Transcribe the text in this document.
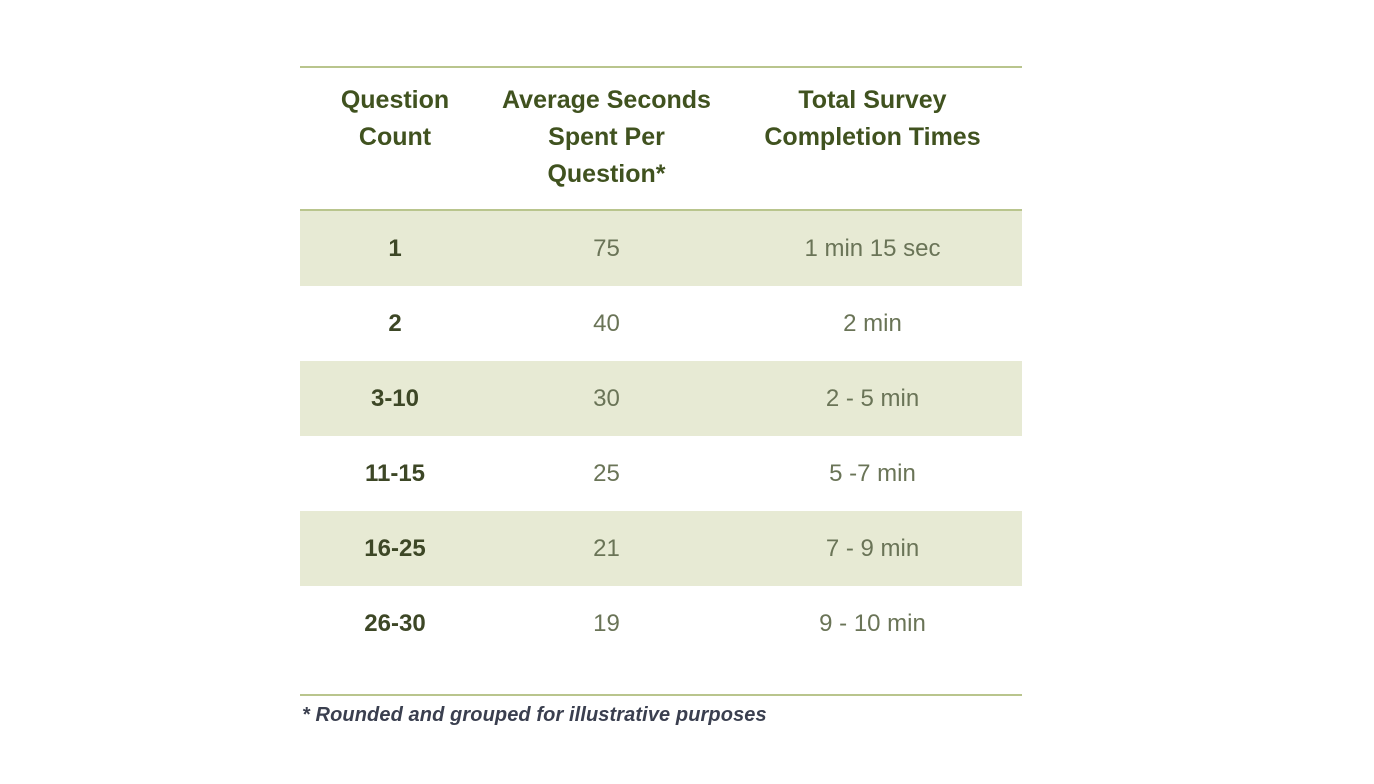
Question Count	Average Seconds Spent Per Question*	Total Survey Completion Times
1	75	1 min 15 sec
2	40	2 min
3-10	30	2 - 5 min
11-15	25	5 -7 min
16-25	21	7 - 9 min
26-30	19	9 - 10 min
* Rounded and grouped for illustrative purposes
